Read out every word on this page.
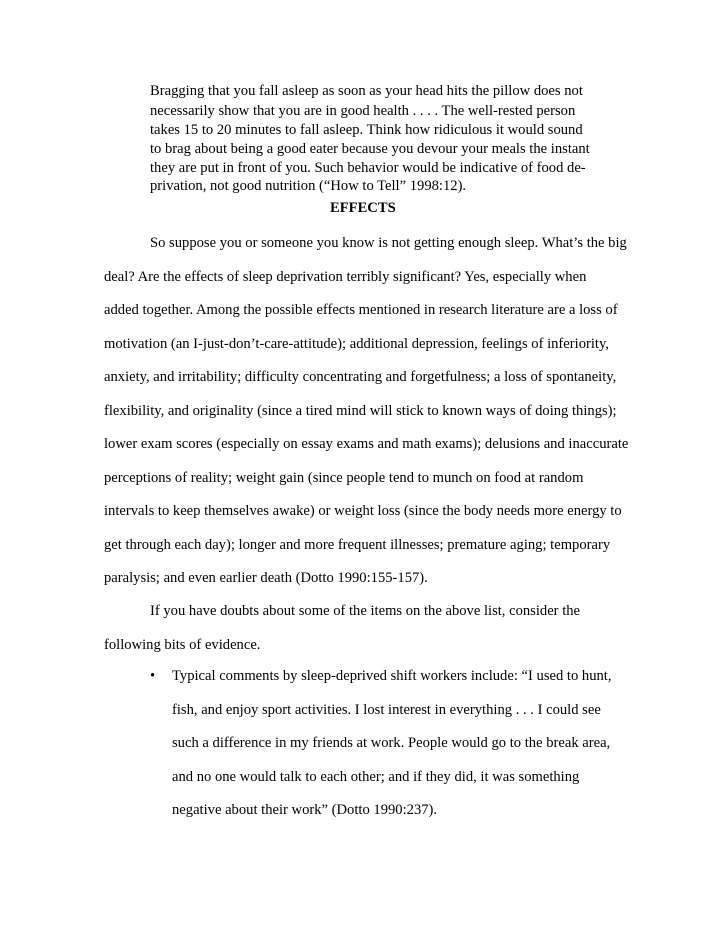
Bragging that you fall asleep as soon as your head hits the pillow does not
necessarily show that you are in good health . . . . The well-rested person
takes 15 to 20 minutes to fall asleep. Think how ridiculous it would sound
to brag about being a good eater because you devour your meals the instant
they are put in front of you. Such behavior would be indicative of food de-
privation, not good nutrition (“How to Tell” 1998:12).
EFFECTS
So suppose you or someone you know is not getting enough sleep. What’s the big
deal? Are the effects of sleep deprivation terribly significant? Yes, especially when
added together. Among the possible effects mentioned in research literature are a loss of
motivation (an I-just-don’t-care-attitude); additional depression, feelings of inferiority,
anxiety, and irritability; difficulty concentrating and forgetfulness; a loss of spontaneity,
flexibility, and originality (since a tired mind will stick to known ways of doing things);
lower exam scores (especially on essay exams and math exams); delusions and inaccurate
perceptions of reality; weight gain (since people tend to munch on food at random
intervals to keep themselves awake) or weight loss (since the body needs more energy to
get through each day); longer and more frequent illnesses; premature aging; temporary
paralysis; and even earlier death (Dotto 1990:155-157).
If you have doubts about some of the items on the above list, consider the
following bits of evidence.
• Typical comments by sleep-deprived shift workers include: “I used to hunt,
fish, and enjoy sport activities. I lost interest in everything . . . I could see
such a difference in my friends at work. People would go to the break area,
and no one would talk to each other; and if they did, it was something
negative about their work” (Dotto 1990:237).
